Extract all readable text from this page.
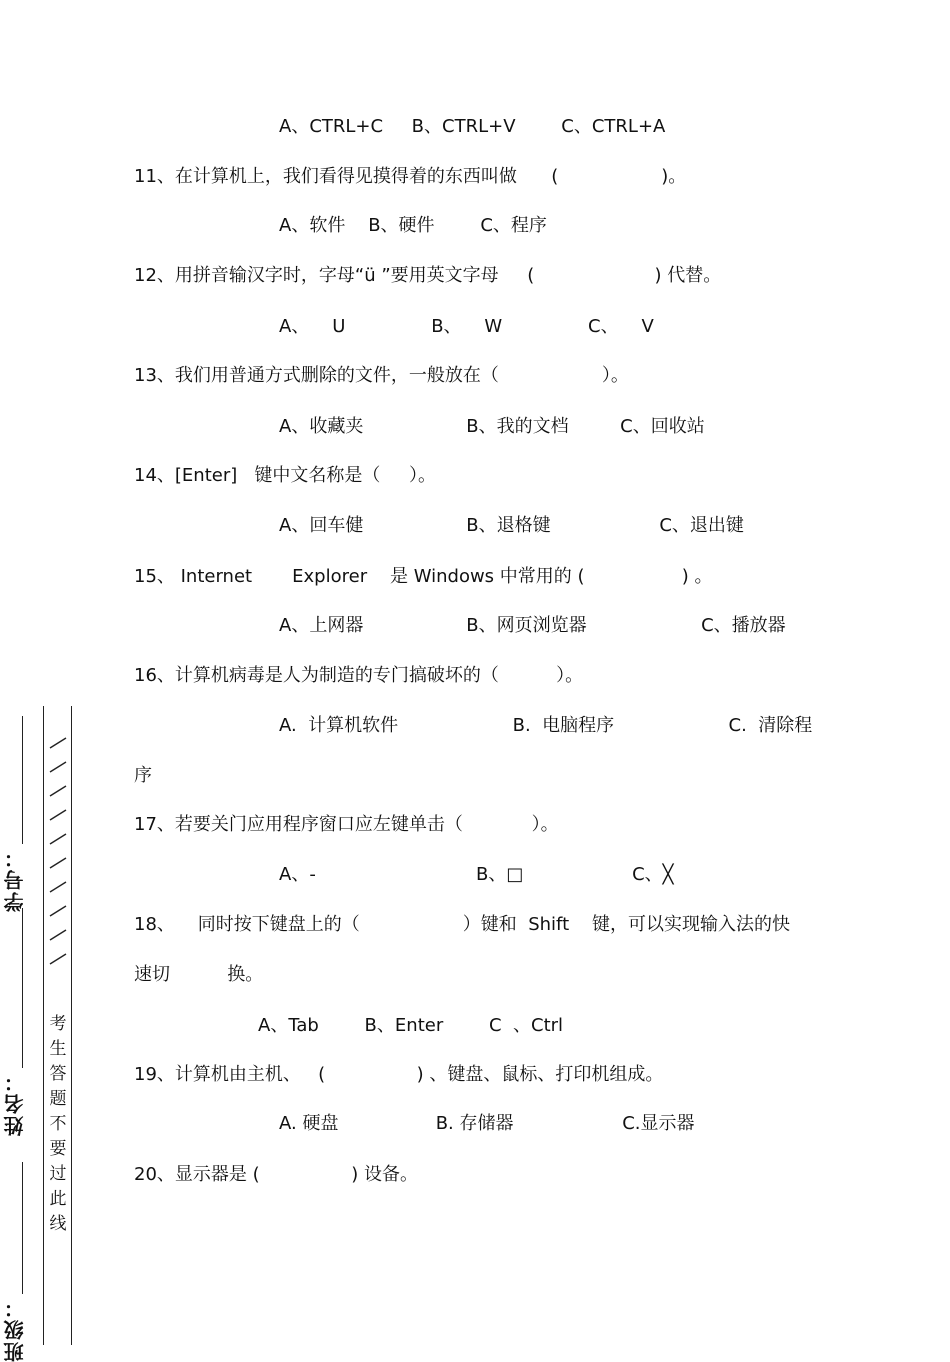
A、CTRL+C     B、CTRL+V        C、CTRL+A
11、在计算机上，我们看得见摸得着的东西叫做      (                  )。
A、软件    B、硬件        C、程序
12、用拼音输汉字时，字母“ü ”要用英文字母     (                     ) 代替。
A、    U               B、    W               C、    V
13、我们用普通方式删除的文件，一般放在（                  ）。
A、收藏夹                  B、我的文档         C、回收站
14、[Enter]   键中文名称是（     ）。
A、回车健                  B、退格键                   C、退出键
15、 Internet       Explorer    是 Windows 中常用的 (                 ) 。
A、上网器                  B、网页浏览器                    C、播放器
16、计算机病毒是人为制造的专门搞破坏的（          ）。
A.  计算机软件                    B.  电脑程序                    C.  清除程
序
17、若要关门应用程序窗口应左键单击（            ）。
A、-                            B、□                   C、╳
18、    同时按下键盘上的（                  ）键和  Shift    键，可以实现输入法的快
速切          换。
A、Tab        B、Enter        C  、Ctrl
19、计算机由主机、   (                ) 、键盘、鼠标、打印机组成。
A. 硬盘                 B. 存储器                   C.显示器
20、显示器是 (                ) 设备。
考生答题不要过此线
学号：
姓名：
班级：
